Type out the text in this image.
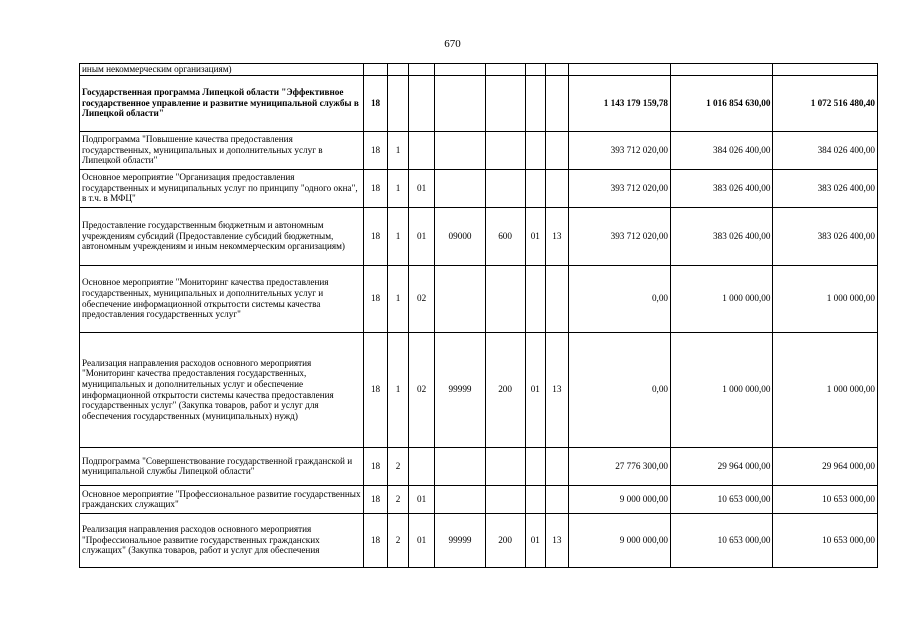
670
иным некоммерческим организациям)										
Государственная программа Липецкой области "Эффективное государственное управление и развитие муниципальной службы в Липецкой области"	18							1 143 179 159,78	1 016 854 630,00	1 072 516 480,40
Подпрограмма "Повышение качества предоставления государственных, муниципальных и дополнительных услуг в Липецкой области"	18	1						393 712 020,00	384 026 400,00	384 026 400,00
Основное мероприятие "Организация предоставления государственных и муниципальных услуг по принципу "одного окна", в т.ч. в МФЦ"	18	1	01					393 712 020,00	383 026 400,00	383 026 400,00
Предоставление государственным бюджетным и автономным учреждениям субсидий (Предоставление субсидий бюджетным, автономным учреждениям и иным некоммерческим организациям)	18	1	01	09000	600	01	13	393 712 020,00	383 026 400,00	383 026 400,00
Основное мероприятие "Мониторинг качества предоставления государственных, муниципальных и дополнительных услуг и обеспечение информационной открытости системы качества предоставления государственных услуг"	18	1	02					0,00	1 000 000,00	1 000 000,00
Реализация направления расходов основного мероприятия "Мониторинг качества предоставления государственных, муниципальных и дополнительных услуг и обеспечение информационной открытости системы качества предоставления государственных услуг" (Закупка товаров, работ и услуг для обеспечения государственных (муниципальных) нужд)	18	1	02	99999	200	01	13	0,00	1 000 000,00	1 000 000,00
Подпрограмма "Совершенствование государственной гражданской и муниципальной службы Липецкой области"	18	2						27 776 300,00	29 964 000,00	29 964 000,00
Основное мероприятие "Профессиональное развитие государственных гражданских служащих"	18	2	01					9 000 000,00	10 653 000,00	10 653 000,00
Реализация направления расходов основного мероприятия "Профессиональное развитие государственных гражданских служащих" (Закупка товаров, работ и услуг для обеспечения	18	2	01	99999	200	01	13	9 000 000,00	10 653 000,00	10 653 000,00
